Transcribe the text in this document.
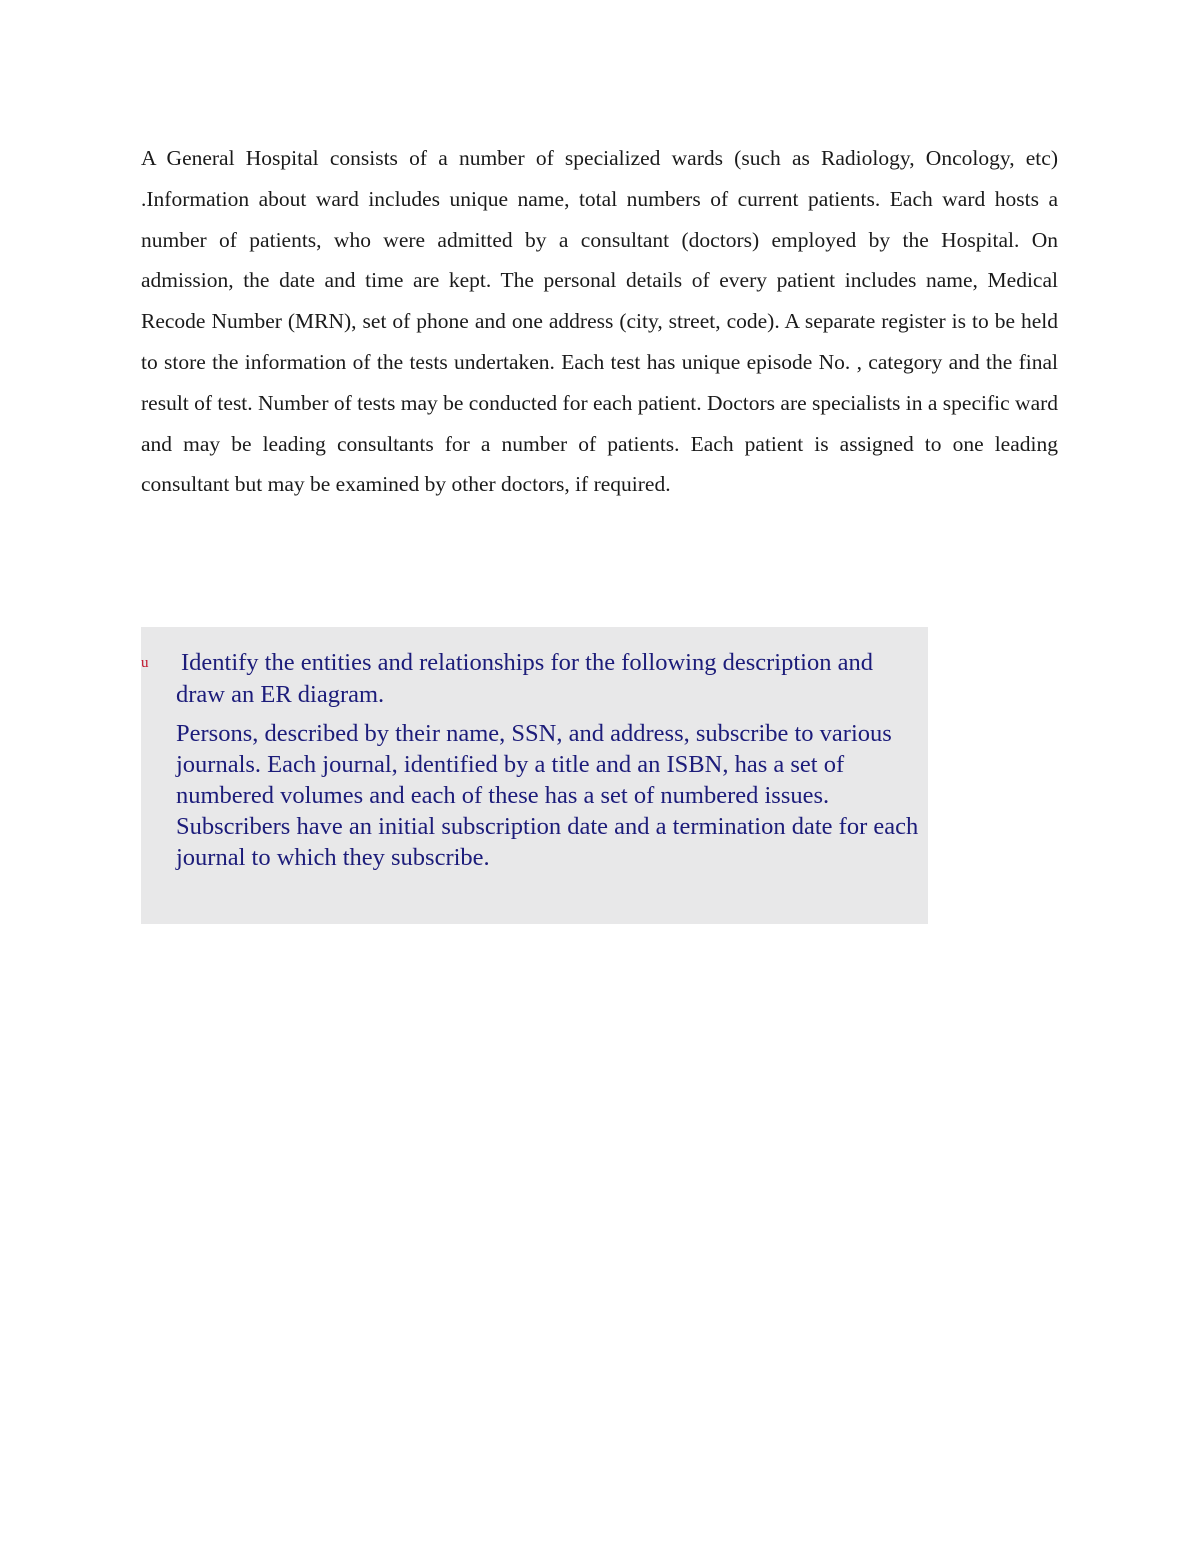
A General Hospital consists of a number of specialized wards (such as Radiology, Oncology, etc) .Information about ward includes unique name, total numbers of current patients. Each ward hosts a number of patients, who were admitted by a consultant (doctors) employed by the Hospital. On admission, the date and time are kept. The personal details of every patient includes name, Medical Recode Number (MRN), set of phone and one address (city, street, code). A separate register is to be held to store the information of the tests undertaken. Each test has unique episode No. , category and the final result of test. Number of tests may be conducted for each patient. Doctors are specialists in a specific ward and may be leading consultants for a number of patients. Each patient is assigned to one leading consultant but may be examined by other doctors, if required.

u Identify the entities and relationships for the following description and draw an ER diagram.

Persons, described by their name, SSN, and address, subscribe to various journals. Each journal, identified by a title and an ISBN, has a set of numbered volumes and each of these has a set of numbered issues. Subscribers have an initial subscription date and a termination date for each journal to which they subscribe.
